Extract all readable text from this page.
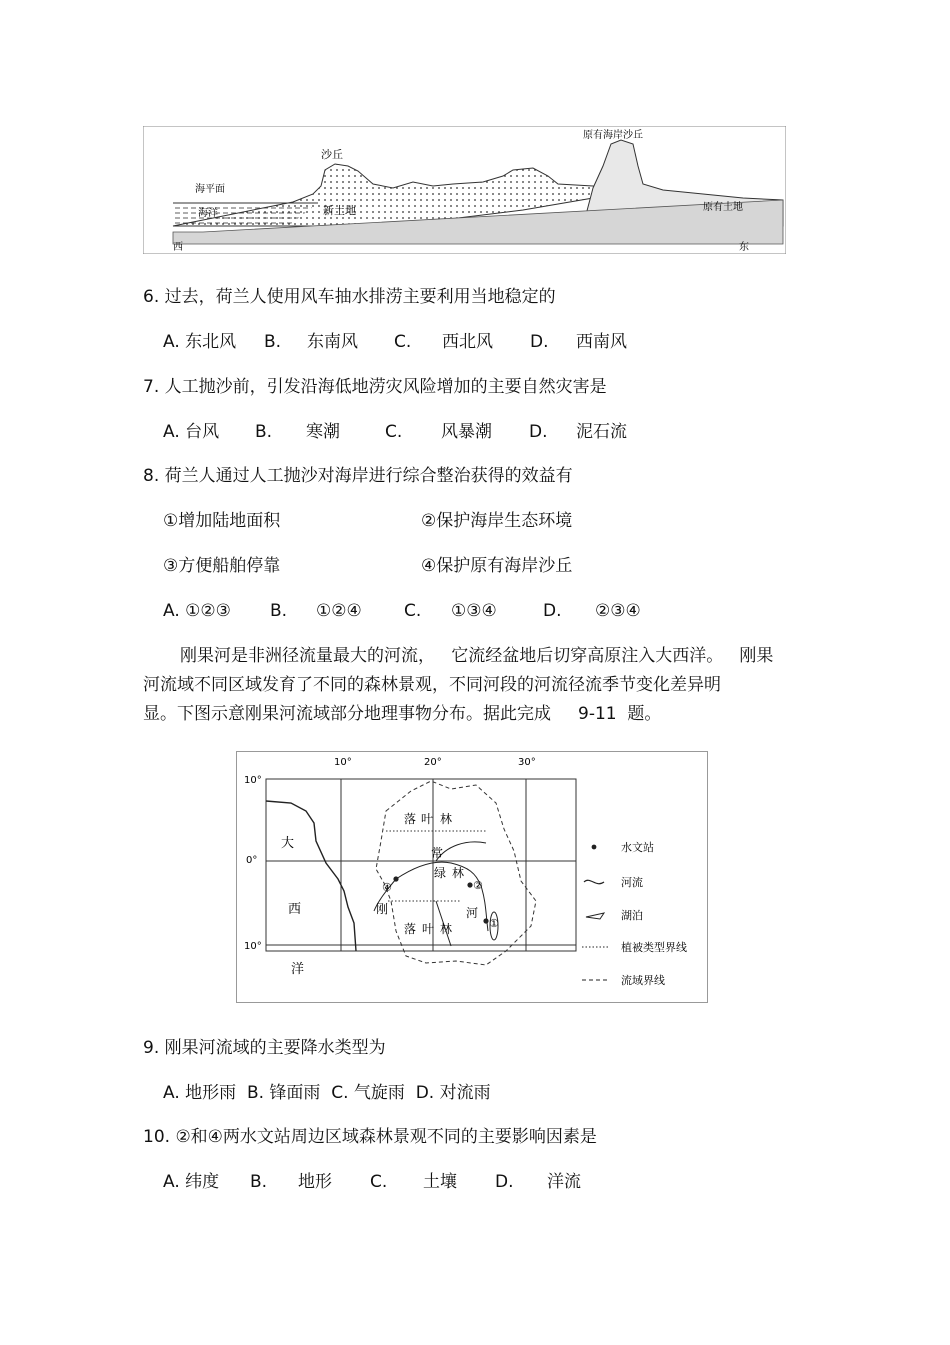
沙丘
原有海岸沙丘
海平面
海洋	新土地	原有土地
西	东
6. 过去，荷兰人使用风车抽水排涝主要利用当地稳定的
A. 东北风 B. 东南风 C. 西北风 D. 西南风
7. 人工抛沙前，引发沿海低地涝灾风险增加的主要自然灾害是
A. 台风 B. 寒潮	C. 风暴潮 D. 泥石流
8. 荷兰人通过人工抛沙对海岸进行综合整治获得的效益有
①增加陆地面积	②保护海岸生态环境
③方便船舶停靠	④保护原有海岸沙丘
A. ①②③ B. ①②④ C. ①③④	D. ②③④
刚果河是非洲径流量最大的河流，   它流经盆地后切穿高原注入大西洋。   刚果
河流域不同区域发育了不同的森林景观，不同河段的河流径流季节变化差异明
显。下图示意刚果河流域部分地理事物分布。据此完成     9-11  题。
10°	20°	30°
10°
0°
10°
大
西
洋
④	②
①
落 叶 林
常
绿 林
落 叶 林
河
刚
水文站
河流
湖泊
植被类型界线
流域界线
9. 刚果河流域的主要降水类型为
A. 地形雨  B. 锋面雨  C. 气旋雨  D. 对流雨
10. ②和④两水文站周边区域森林景观不同的主要影响因素是
A. 纬度 B. 地形 C. 土壤 D. 洋流
